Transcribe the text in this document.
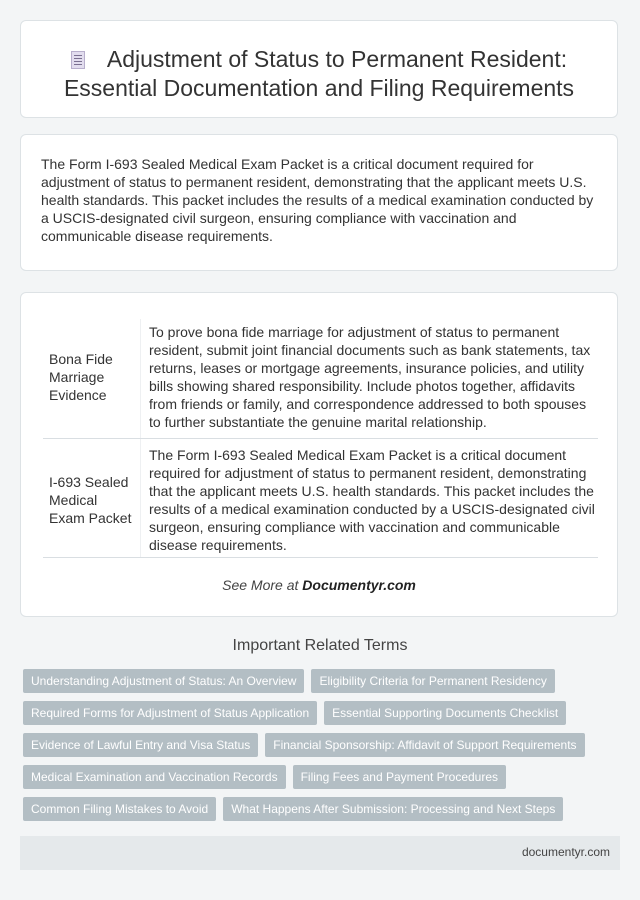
Adjustment of Status to Permanent Resident: Essential Documentation and Filing Requirements

The Form I-693 Sealed Medical Exam Packet is a critical document required for adjustment of status to permanent resident, demonstrating that the applicant meets U.S. health standards. This packet includes the results of a medical examination conducted by a USCIS-designated civil surgeon, ensuring compliance with vaccination and communicable disease requirements.

Bona Fide Marriage Evidence	To prove bona fide marriage for adjustment of status to permanent resident, submit joint financial documents such as bank statements, tax returns, leases or mortgage agreements, insurance policies, and utility bills showing shared responsibility. Include photos together, affidavits from friends or family, and correspondence addressed to both spouses to further substantiate the genuine marital relationship.
I-693 Sealed Medical Exam Packet	The Form I-693 Sealed Medical Exam Packet is a critical document required for adjustment of status to permanent resident, demonstrating that the applicant meets U.S. health standards. This packet includes the results of a medical examination conducted by a USCIS-designated civil surgeon, ensuring compliance with vaccination and communicable disease requirements.
See More at Documentyr.com
Important Related Terms
Understanding Adjustment of Status: An Overview Eligibility Criteria for Permanent Residency
Required Forms for Adjustment of Status Application Essential Supporting Documents Checklist
Evidence of Lawful Entry and Visa Status Financial Sponsorship: Affidavit of Support Requirements
Medical Examination and Vaccination Records Filing Fees and Payment Procedures
Common Filing Mistakes to Avoid What Happens After Submission: Processing and Next Steps
documentyr.com
